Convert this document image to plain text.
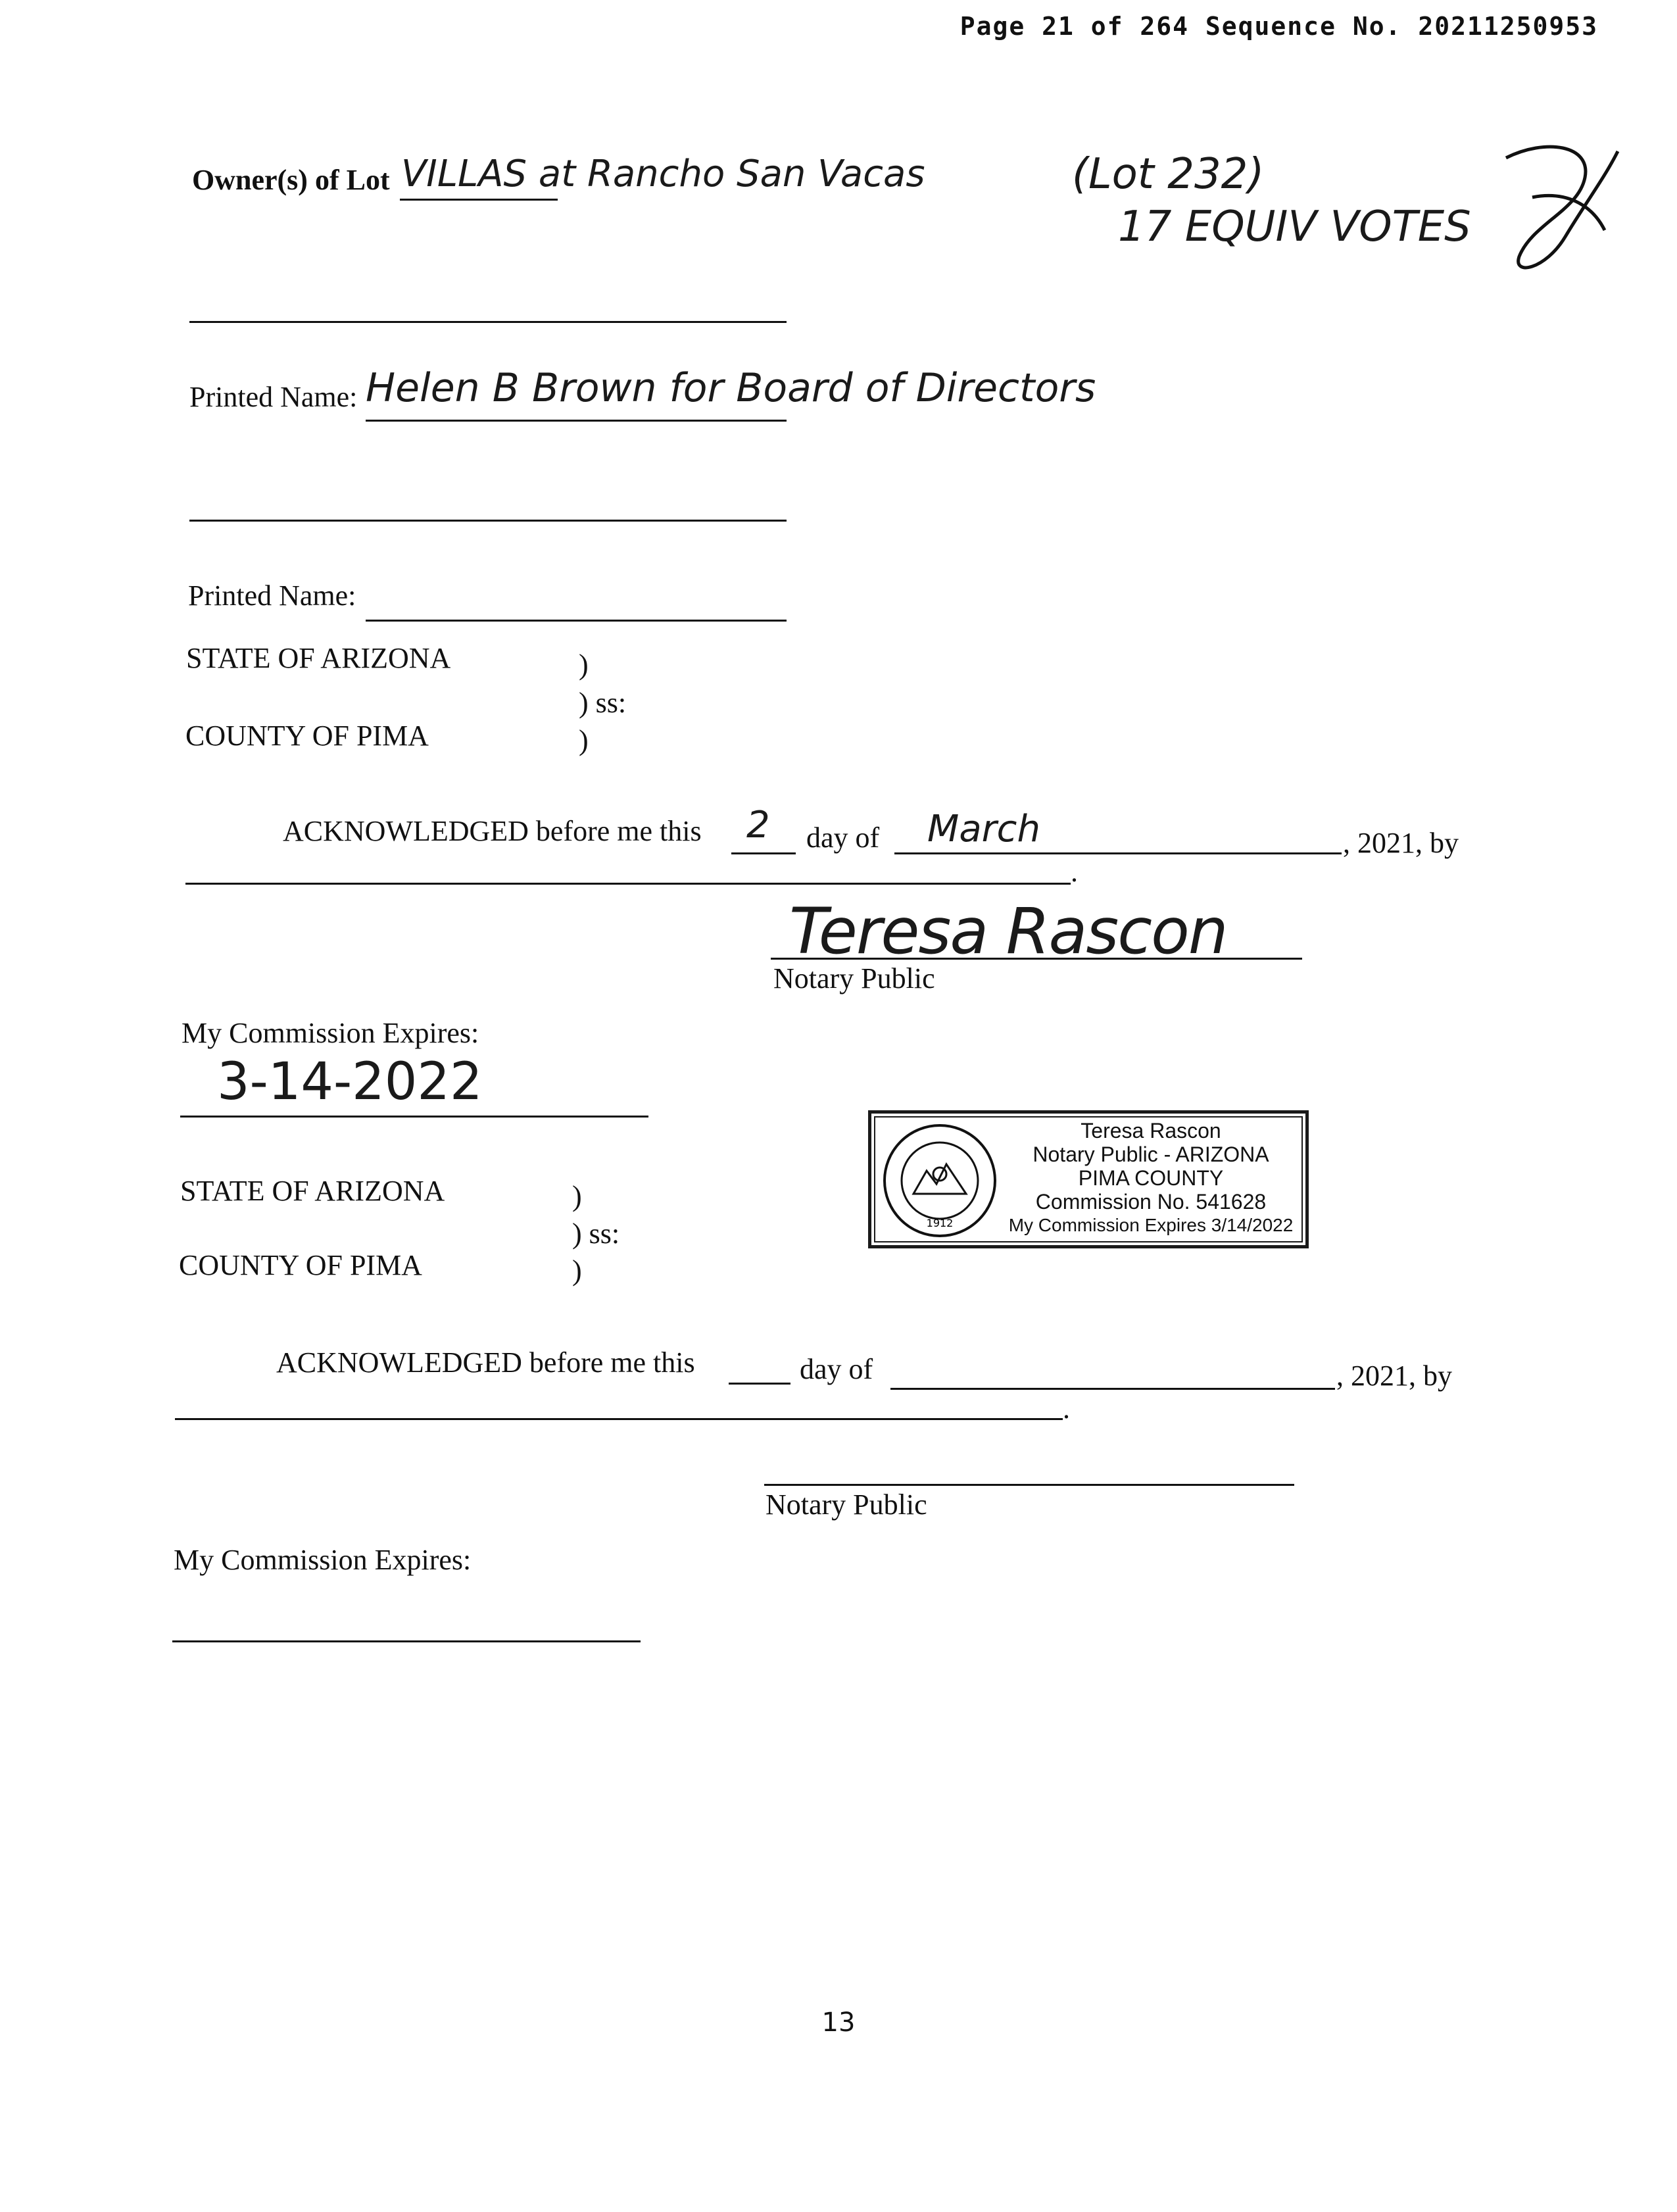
Page 21 of 264 Sequence No. 20211250953
Owner(s) of Lot VILLAS at Rancho San Vacas	(Lot 232)
17 EQUIV VOTES
Printed Name: Helen B Brown for Board of Directors
Printed Name:
STATE OF ARIZONA	)
) ss:
COUNTY OF PIMA	)
ACKNOWLEDGED before me this 2 day of March	, 2021, by
.
Teresa Rascon
Notary Public
My Commission Expires:
3-14-2022
1912
Teresa Rascon
Notary Public - ARIZONA
PIMA COUNTY
Commission No. 541628
My Commission Expires 3/14/2022
STATE OF ARIZONA	)
) ss:
COUNTY OF PIMA	)
ACKNOWLEDGED before me this	day of	, 2021, by
.
Notary Public
My Commission Expires:
13
